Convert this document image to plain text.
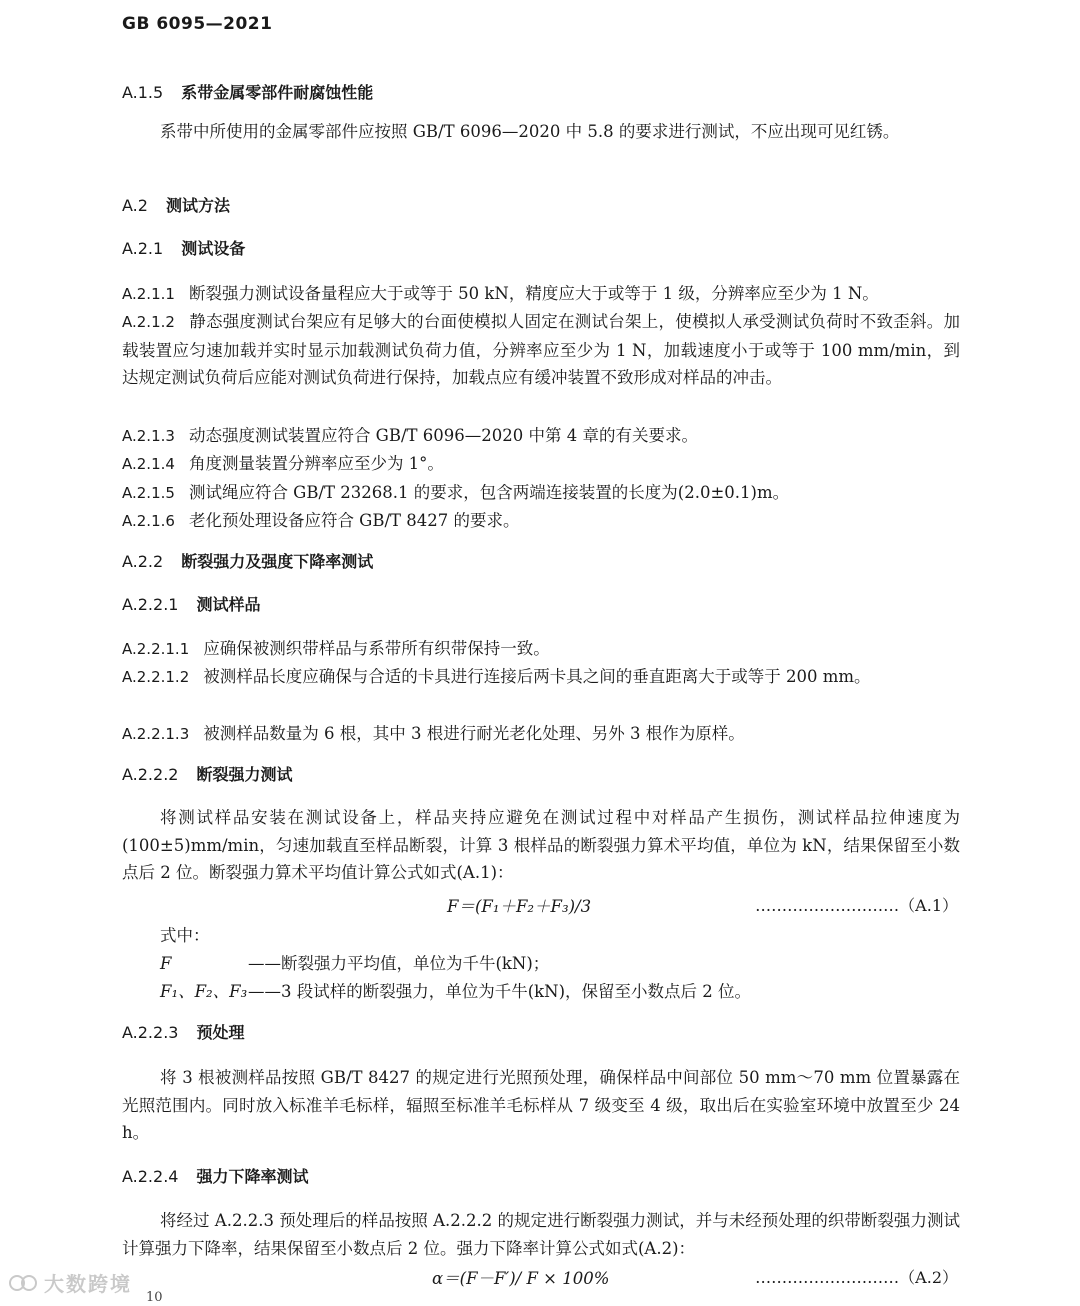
GB 6095—2021
A.1.5 系带金属零部件耐腐蚀性能
系带中所使用的金属零部件应按照 GB/T 6096—2020 中 5.8 的要求进行测试，不应出现可见红锈。
A.2 测试方法
A.2.1 测试设备
A.2.1.1 断裂强力测试设备量程应大于或等于 50 kN，精度应大于或等于 1 级，分辨率应至少为 1 N。
A.2.1.2 静态强度测试台架应有足够大的台面使模拟人固定在测试台架上，使模拟人承受测试负荷时不致歪斜。加载装置应匀速加载并实时显示加载测试负荷力值，分辨率应至少为 1 N，加载速度小于或等于 100 mm/min，到达规定测试负荷后应能对测试负荷进行保持，加载点应有缓冲装置不致形成对样品的冲击。
A.2.1.3 动态强度测试装置应符合 GB/T 6096—2020 中第 4 章的有关要求。
A.2.1.4 角度测量装置分辨率应至少为 1°。
A.2.1.5 测试绳应符合 GB/T 23268.1 的要求，包含两端连接装置的长度为(2.0±0.1)m。
A.2.1.6 老化预处理设备应符合 GB/T 8427 的要求。
A.2.2 断裂强力及强度下降率测试
A.2.2.1 测试样品
A.2.2.1.1 应确保被测织带样品与系带所有织带保持一致。
A.2.2.1.2 被测样品长度应确保与合适的卡具进行连接后两卡具之间的垂直距离大于或等于 200 mm。
A.2.2.1.3 被测样品数量为 6 根，其中 3 根进行耐光老化处理、另外 3 根作为原样。
A.2.2.2 断裂强力测试
将测试样品安装在测试设备上，样品夹持应避免在测试过程中对样品产生损伤，测试样品拉伸速度为(100±5)mm/min，匀速加载直至样品断裂，计算 3 根样品的断裂强力算术平均值，单位为 kN，结果保留至小数点后 2 位。断裂强力算术平均值计算公式如式(A.1)：
F＝(F₁＋F₂＋F₃)/3	………………………（A.1）
式中：
F	——断裂强力平均值，单位为千牛(kN)；
F₁、F₂、F₃ ——3 段试样的断裂强力，单位为千牛(kN)，保留至小数点后 2 位。
A.2.2.3 预处理
将 3 根被测样品按照 GB/T 8427 的规定进行光照预处理，确保样品中间部位 50 mm～70 mm 位置暴露在光照范围内。同时放入标准羊毛标样，辐照至标准羊毛标样从 7 级变至 4 级，取出后在实验室环境中放置至少 24 h。
A.2.2.4 强力下降率测试
将经过 A.2.2.3 预处理后的样品按照 A.2.2.2 的规定进行断裂强力测试，并与未经预处理的织带断裂强力测试计算强力下降率，结果保留至小数点后 2 位。强力下降率计算公式如式(A.2)：
α＝(F－F′)/ F × 100%	………………………（A.2）
大数跨境
10
